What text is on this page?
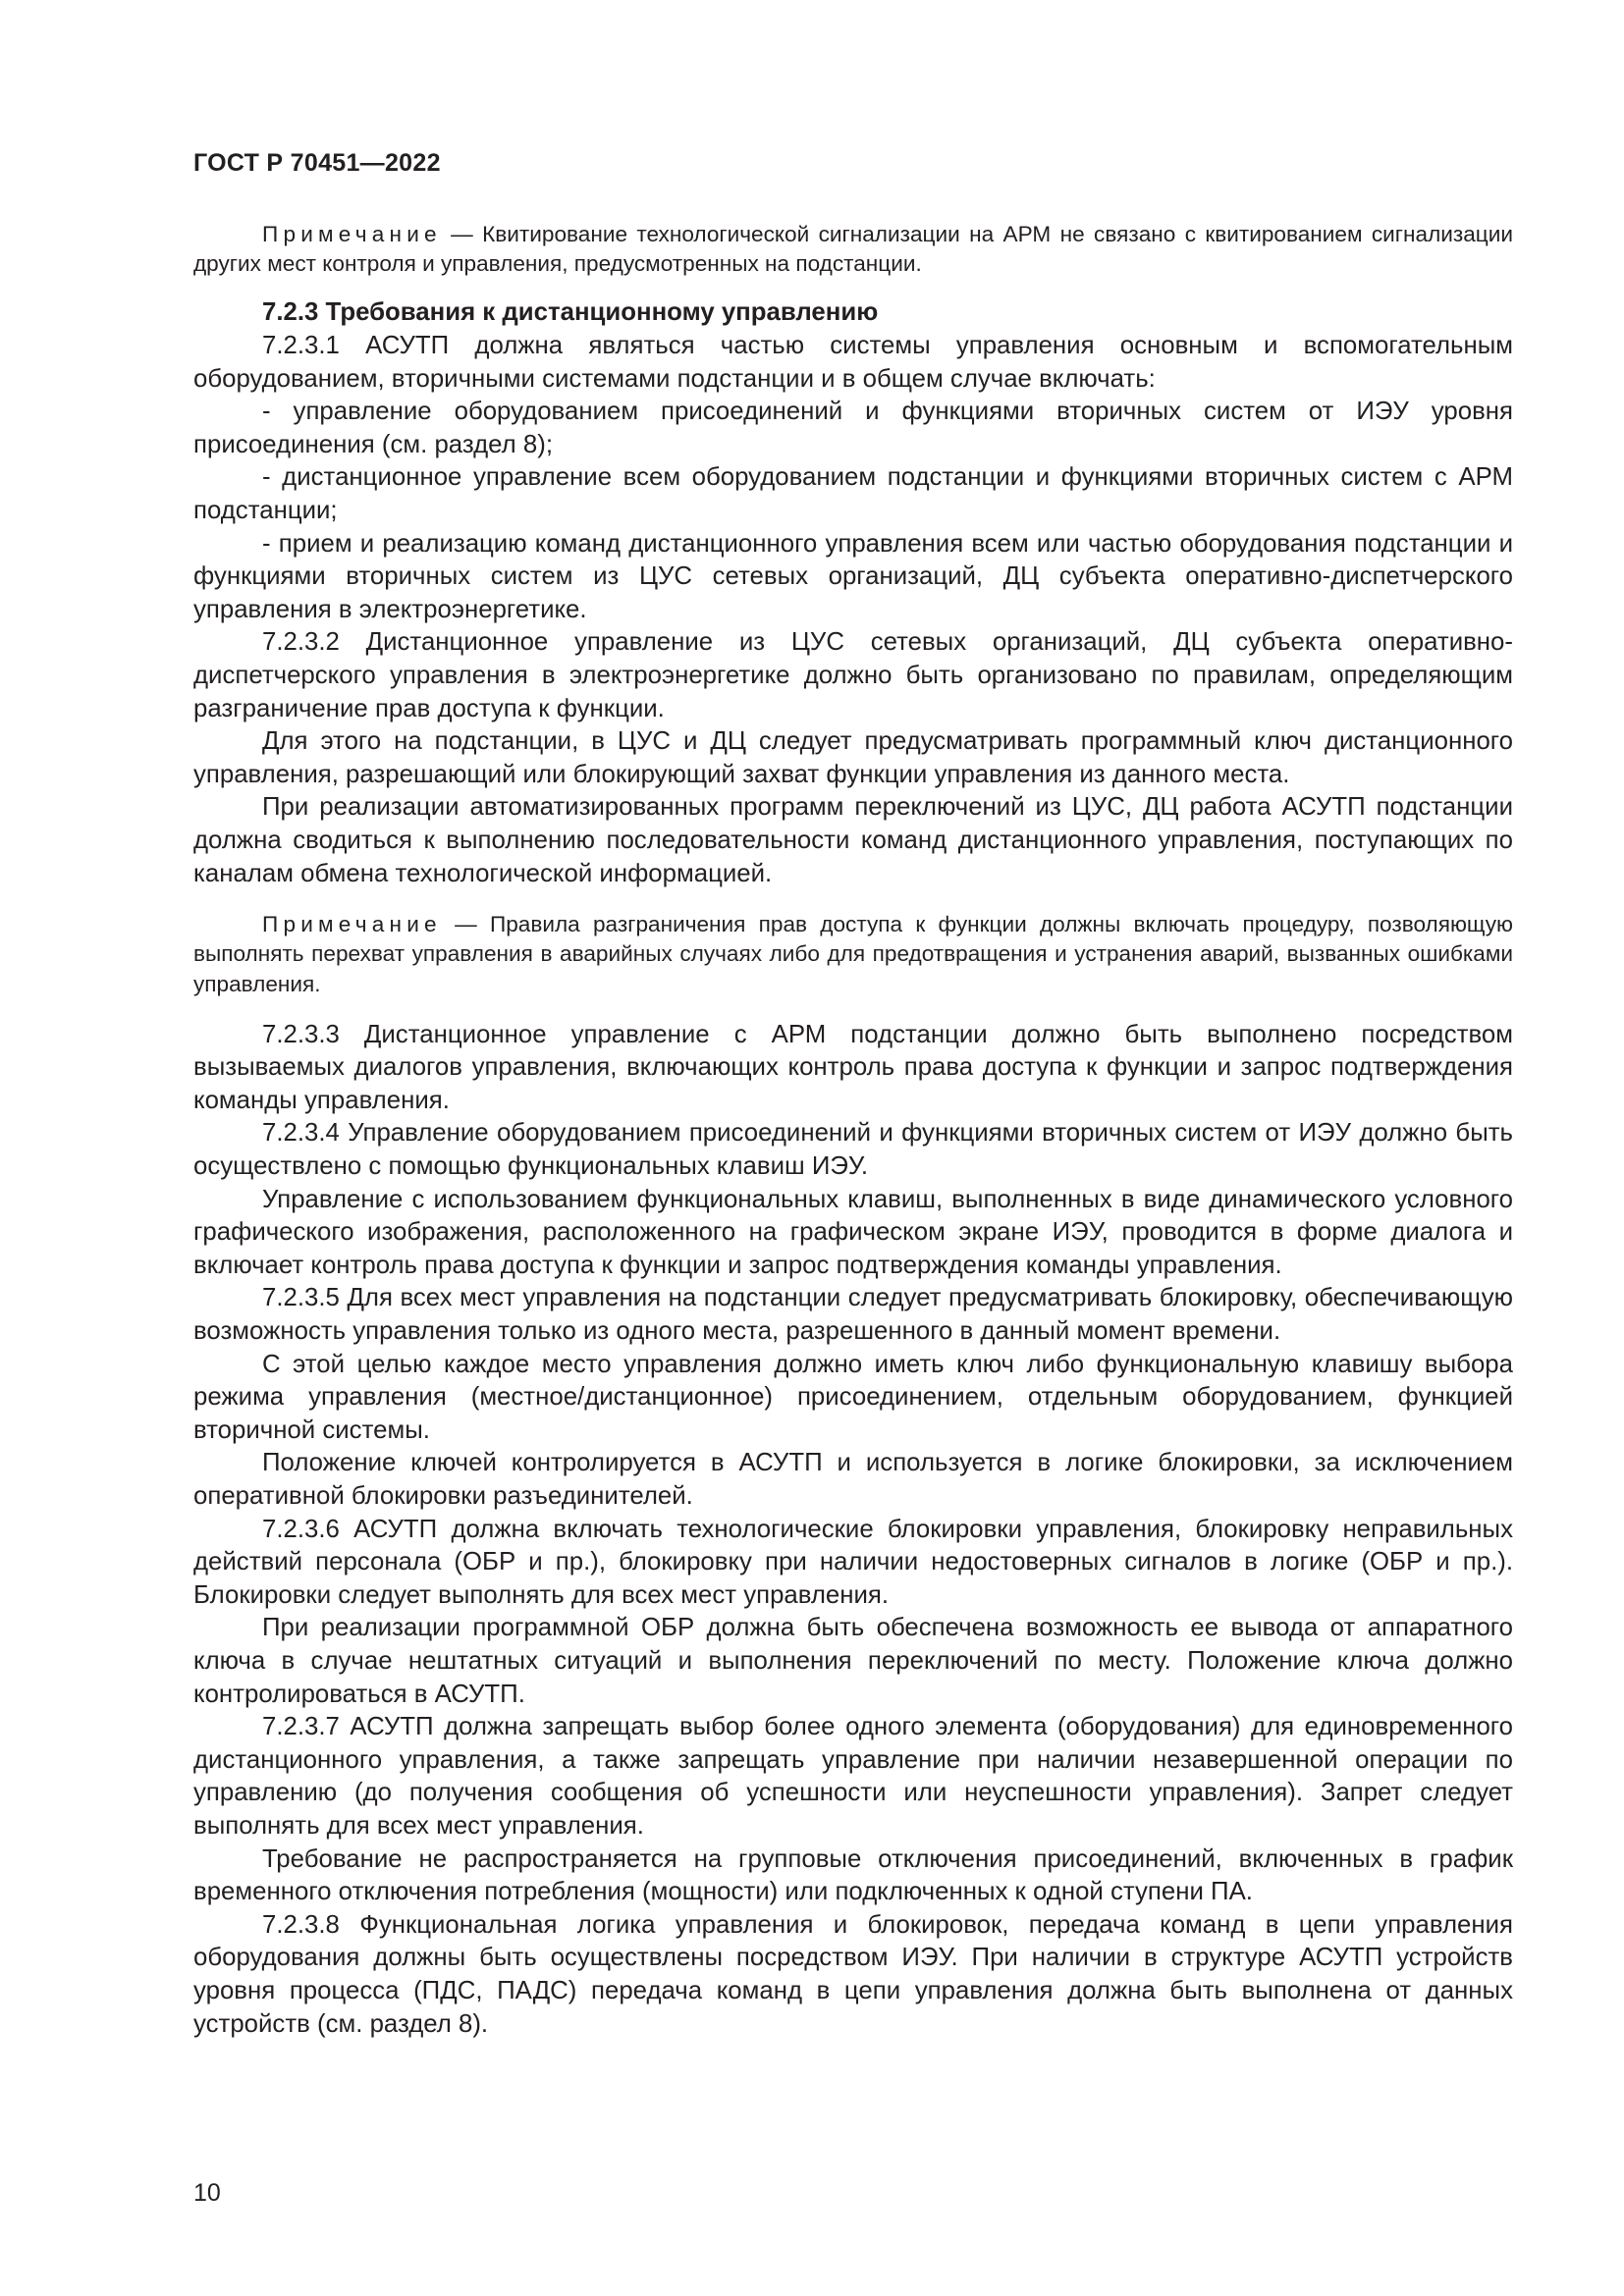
ГОСТ Р 70451—2022

Примечание — Квитирование технологической сигнализации на АРМ не связано с квитированием сигнализации других мест контроля и управления, предусмотренных на подстанции.

7.2.3 Требования к дистанционному управлению

7.2.3.1 АСУТП должна являться частью системы управления основным и вспомогательным оборудованием, вторичными системами подстанции и в общем случае включать:

- управление оборудованием присоединений и функциями вторичных систем от ИЭУ уровня присоединения (см. раздел 8);

- дистанционное управление всем оборудованием подстанции и функциями вторичных систем с АРМ подстанции;

- прием и реализацию команд дистанционного управления всем или частью оборудования подстанции и функциями вторичных систем из ЦУС сетевых организаций, ДЦ субъекта оперативно-диспетчерского управления в электроэнергетике.

7.2.3.2 Дистанционное управление из ЦУС сетевых организаций, ДЦ субъекта оперативно-диспетчерского управления в электроэнергетике должно быть организовано по правилам, определяющим разграничение прав доступа к функции.

Для этого на подстанции, в ЦУС и ДЦ следует предусматривать программный ключ дистанционного управления, разрешающий или блокирующий захват функции управления из данного места.

При реализации автоматизированных программ переключений из ЦУС, ДЦ работа АСУТП подстанции должна сводиться к выполнению последовательности команд дистанционного управления, поступающих по каналам обмена технологической информацией.

Примечание — Правила разграничения прав доступа к функции должны включать процедуру, позволяющую выполнять перехват управления в аварийных случаях либо для предотвращения и устранения аварий, вызванных ошибками управления.

7.2.3.3 Дистанционное управление с АРМ подстанции должно быть выполнено посредством вызываемых диалогов управления, включающих контроль права доступа к функции и запрос подтверждения команды управления.

7.2.3.4 Управление оборудованием присоединений и функциями вторичных систем от ИЭУ должно быть осуществлено с помощью функциональных клавиш ИЭУ.

Управление с использованием функциональных клавиш, выполненных в виде динамического условного графического изображения, расположенного на графическом экране ИЭУ, проводится в форме диалога и включает контроль права доступа к функции и запрос подтверждения команды управления.

7.2.3.5 Для всех мест управления на подстанции следует предусматривать блокировку, обеспечивающую возможность управления только из одного места, разрешенного в данный момент времени.

С этой целью каждое место управления должно иметь ключ либо функциональную клавишу выбора режима управления (местное/дистанционное) присоединением, отдельным оборудованием, функцией вторичной системы.

Положение ключей контролируется в АСУТП и используется в логике блокировки, за исключением оперативной блокировки разъединителей.

7.2.3.6 АСУТП должна включать технологические блокировки управления, блокировку неправильных действий персонала (ОБР и пр.), блокировку при наличии недостоверных сигналов в логике (ОБР и пр.). Блокировки следует выполнять для всех мест управления.

При реализации программной ОБР должна быть обеспечена возможность ее вывода от аппаратного ключа в случае нештатных ситуаций и выполнения переключений по месту. Положение ключа должно контролироваться в АСУТП.

7.2.3.7 АСУТП должна запрещать выбор более одного элемента (оборудования) для единовременного дистанционного управления, а также запрещать управление при наличии незавершенной операции по управлению (до получения сообщения об успешности или неуспешности управления). Запрет следует выполнять для всех мест управления.

Требование не распространяется на групповые отключения присоединений, включенных в график временного отключения потребления (мощности) или подключенных к одной ступени ПА.

7.2.3.8 Функциональная логика управления и блокировок, передача команд в цепи управления оборудования должны быть осуществлены посредством ИЭУ. При наличии в структуре АСУТП устройств уровня процесса (ПДС, ПАДС) передача команд в цепи управления должна быть выполнена от данных устройств (см. раздел 8).

10
